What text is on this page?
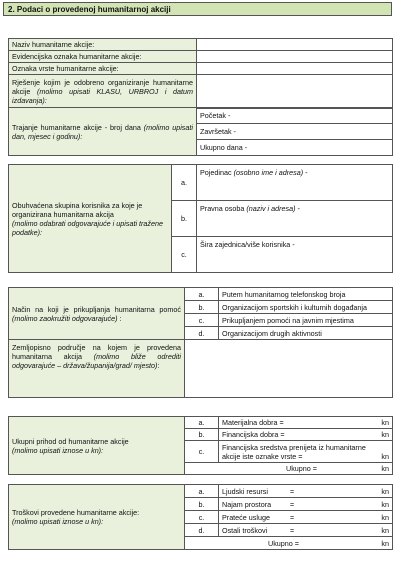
2. Podaci o provedenoj humanitarnoj akciji
Naziv humanitarne akcije:	
Evidencijska oznaka humanitarne akcije:	
Oznaka vrste humanitarne akcije:	
Rješenje kojim je odobreno organiziranje humanitarne akcije (molimo upisati KLASU, URBROJ i datum izdavanja):	
Trajanje humanitarne akcije - broj dana (molimo upisati dan, mjesec i godinu):	Početak -
Završetak -
Ukupno dana -
Obuhvaćena skupina korisnika za koje je organizirana humanitarna akcija
(molimo odabrati odgovarajuće i upisati tražene podatke):	a.	Pojedinac (osobno ime i adresa) -
	b.	Pravna osoba (naziv i adresa) -
	c.	Šira zajednica/više korisnika -
Način na koji je prikupljanja humanitarna pomoć (molimo zaokružiti odgovarajuće) :	a.	Putem humanitarnog telefonskog broja
	b.	Organizacijom sportskih i kulturnih događanja
	c.	Prikupljanjem pomoći na javnim mjestima
	d.	Organizacijom drugih aktivnosti
Zemljopisno područje na kojem je provedena humanitarna akcija (molimo bliže odrediti odgovarajuće – država/županija/grad/ mjesto):		
Ukupni prihod od humanitarne akcije
(molimo upisati iznose u kn):	a.	Materijalna dobra = kn

	b.	Financijska dobra = kn

	c.	Financijska sredstva prenijeta iz humanitarne akcije iste oznake vrste = kn

	Ukupno = kn	
Troškovi provedene humanitarne akcije:
(molimo upisati iznose u kn):	a.	Ljudski resursi = kn

	b.	Najam prostora = kn

	c.	Prateće usluge = kn

	d.	Ostali troškovi = kn

	Ukupno = kn	
